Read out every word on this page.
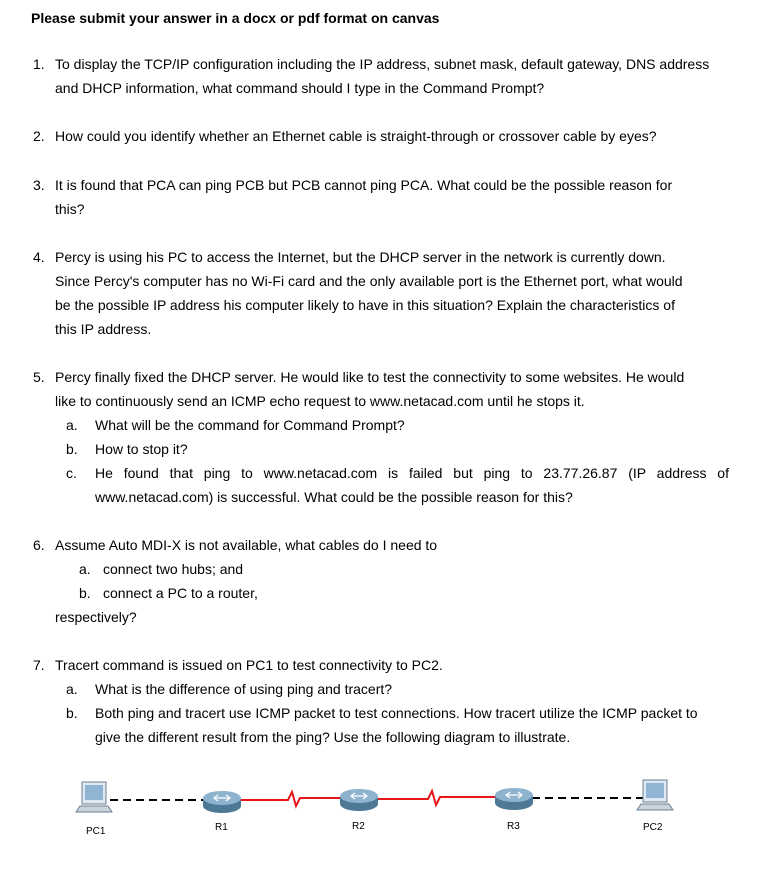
Please submit your answer in a docx or pdf format on canvas
1. To display the TCP/IP configuration including the IP address, subnet mask, default gateway, DNS address
and DHCP information, what command should I type in the Command Prompt?
2. How could you identify whether an Ethernet cable is straight-through or crossover cable by eyes?
3. It is found that PCA can ping PCB but PCB cannot ping PCA. What could be the possible reason for
this?
4. Percy is using his PC to access the Internet, but the DHCP server in the network is currently down.
Since Percy's computer has no Wi-Fi card and the only available port is the Ethernet port, what would
be the possible IP address his computer likely to have in this situation? Explain the characteristics of
this IP address.
5. Percy finally fixed the DHCP server. He would like to test the connectivity to some websites. He would
like to continuously send an ICMP echo request to www.netacad.com until he stops it.
a. What will be the command for Command Prompt?
b. How to stop it?
c. He found that ping to www.netacad.com is failed but ping to 23.77.26.87 (IP address of
www.netacad.com) is successful. What could be the possible reason for this?
6. Assume Auto MDI-X is not available, what cables do I need to
a. connect two hubs; and
b. connect a PC to a router,
respectively?
7. Tracert command is issued on PC1 to test connectivity to PC2.
a. What is the difference of using ping and tracert?
b. Both ping and tracert use ICMP packet to test connections. How tracert utilize the ICMP packet to
give the different result from the ping? Use the following diagram to illustrate.
PC1	R1	R2	R3	PC2
